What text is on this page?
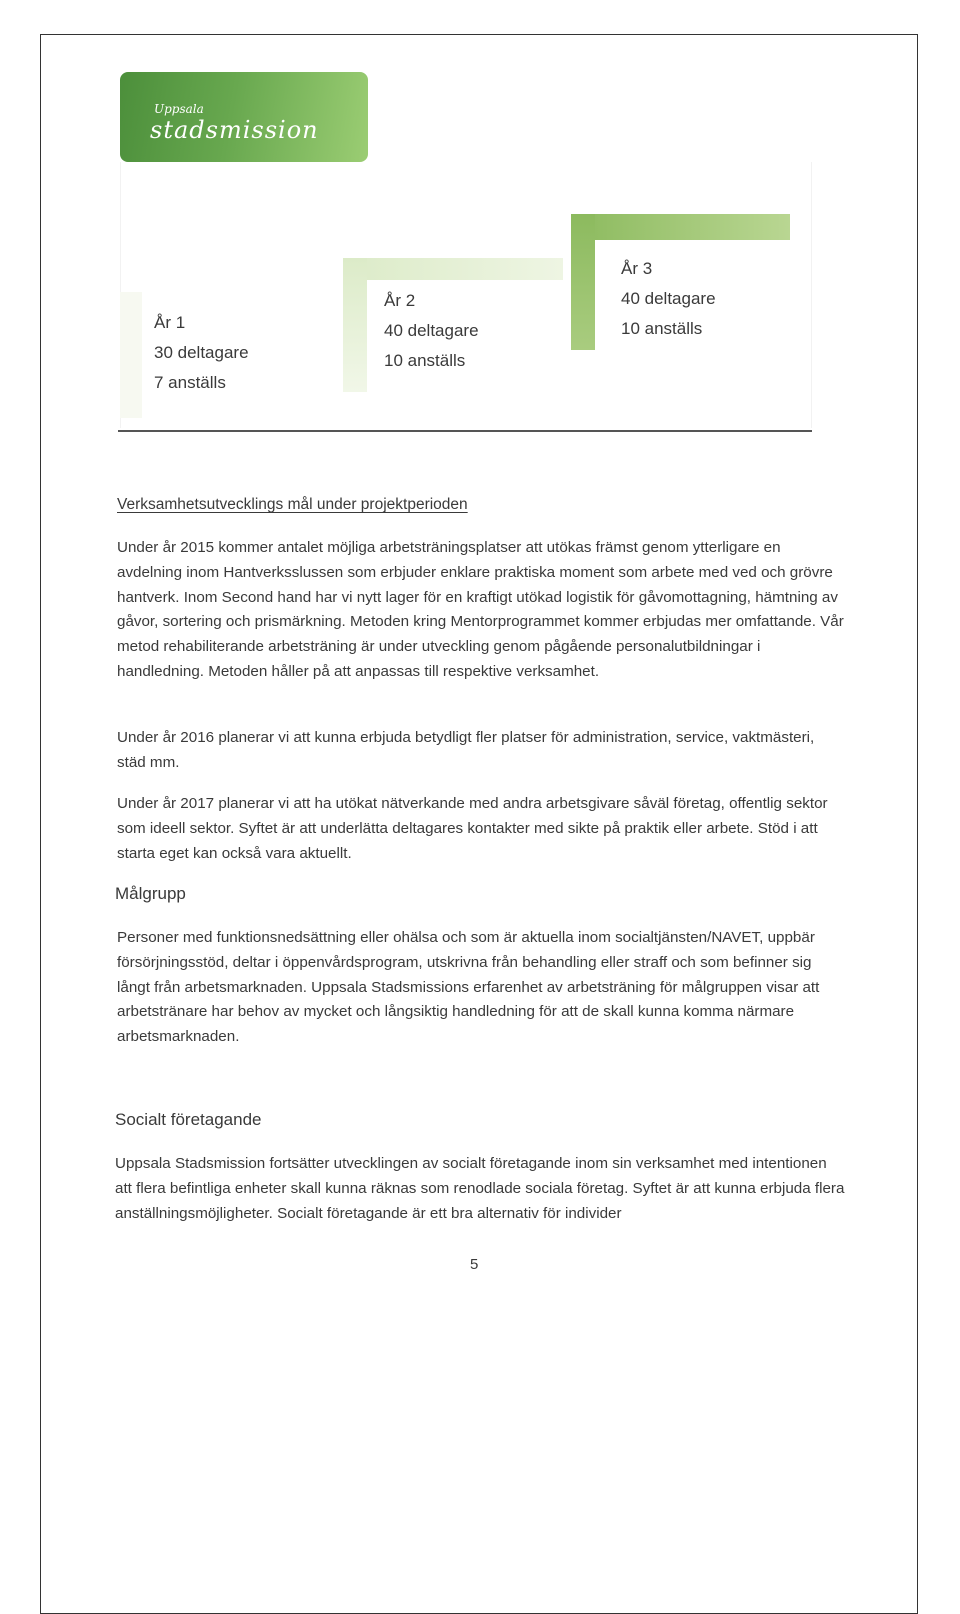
Uppsala
stadsmission
År 1
30 deltagare
7 anställs
År 2
40 deltagare
10 anställs
År 3
40 deltagare
10 anställs
Verksamhetsutvecklings mål under projektperioden

Under år 2015 kommer antalet möjliga arbetsträningsplatser att utökas främst genom ytterligare en avdelning inom Hantverksslussen som erbjuder enklare praktiska moment som arbete med ved och grövre hantverk. Inom Second hand har vi nytt lager för en kraftigt utökad logistik för gåvomottagning, hämtning av gåvor, sortering och prismärkning. Metoden kring Mentorprogrammet kommer erbjudas mer omfattande. Vår metod rehabiliterande arbetsträning är under utveckling genom pågående personalutbildningar i handledning. Metoden håller på att anpassas till respektive verksamhet.

Under år 2016 planerar vi att kunna erbjuda betydligt fler platser för administration, service, vaktmästeri, städ mm.

Under år 2017 planerar vi att ha utökat nätverkande med andra arbetsgivare såväl företag, offentlig sektor som ideell sektor. Syftet är att underlätta deltagares kontakter med sikte på praktik eller arbete. Stöd i att starta eget kan också vara aktuellt.

Målgrupp

Personer med funktionsnedsättning eller ohälsa och som är aktuella inom socialtjänsten/NAVET, uppbär försörjningsstöd, deltar i öppenvårdsprogram, utskrivna från behandling eller straff och som befinner sig långt från arbetsmarknaden. Uppsala Stadsmissions erfarenhet av arbetsträning för målgruppen visar att arbetstränare har behov av mycket och långsiktig handledning för att de skall kunna komma närmare arbetsmarknaden.

Socialt företagande

Uppsala Stadsmission fortsätter utvecklingen av socialt företagande inom sin verksamhet med intentionen att flera befintliga enheter skall kunna räknas som renodlade sociala företag. Syftet är att kunna erbjuda flera anställningsmöjligheter. Socialt företagande är ett bra alternativ för individer

5
